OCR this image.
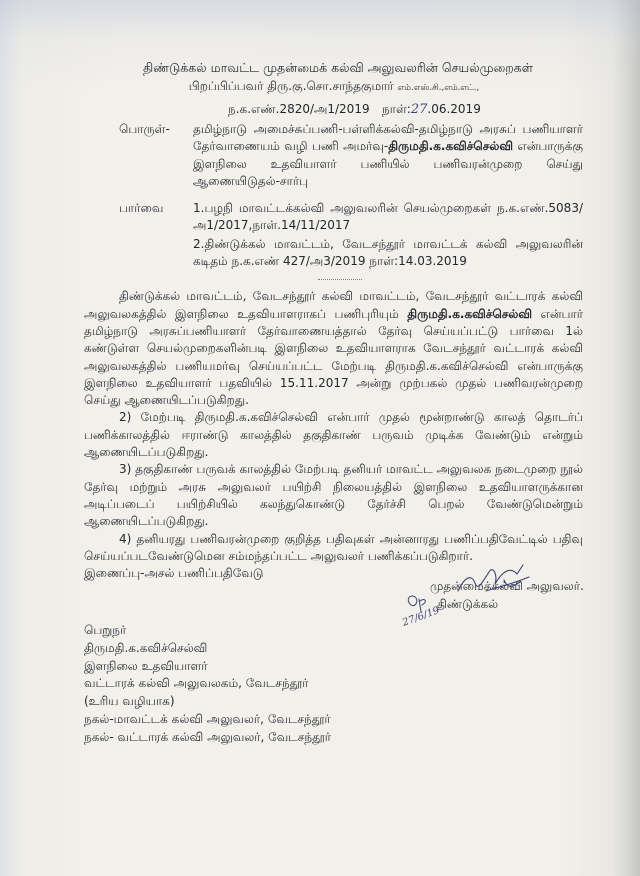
திண்டுக்கல் மாவட்ட முதன்மைக் கல்வி அலுவலரின் செயல்முறைகள்
பிறப்பிப்பவர் திரு.கு.சொ.சாந்தகுமார் எம்.எஸ்.சி.,எம்.எட்.,
ந.க.எண்.2820/அ1/2019 நாள்:27.06.2019
பொருள்-	தமிழ்நாடு அமைச்சுப்பணி-பள்ளிக்கல்வி-தமிழ்நாடு அரசுப் பணியாளர் தேர்வாணையம் வழி பணி அமர்வு-திருமதி.க.கவிச்செல்வி என்பாருக்கு இளநிலை உதவியாளர் பணியில் பணிவரன்முறை செய்து ஆணையிடுதல்-சார்பு
பார்வை	1.பழநி மாவட்டக்கல்வி அலுவலரின் செயல்முறைகள் ந.க.எண்.5083/அ1/2017,நாள்.14/11/2017
2.திண்டுக்கல் மாவட்டம், வேடசந்தூர் மாவட்டக் கல்வி அலுவலரின் கடிதம் ந.க.எண் 427/அ3/2019 நாள்:14.03.2019
திண்டுக்கல் மாவட்டம், வேடசந்தூர் கல்வி மாவட்டம், வேடசந்தூர் வட்டாரக் கல்வி அலுவலகத்தில் இளநிலை உதவியாளராகப் பணிபுரியும் திருமதி.க.கவிச்செல்வி என்பார் தமிழ்நாடு அரசுப்பணியாளர் தேர்வாணையத்தால் தேர்வு செய்யப்பட்டு பார்வை 1ல் கண்டுள்ள செயல்முறைகளின்படி இளநிலை உதவியாளராக வேடசந்தூர் வட்டாரக் கல்வி அலுவலகத்தில் பணியமர்வு செய்யப்பட்ட மேற்படி திருமதி.க.கவிச்செல்வி என்பாருக்கு இளநிலை உதவியாளர் பதவியில் 15.11.2017 அன்று முற்பகல் முதல் பணிவரன்முறை செய்து ஆணையிடப்படுகிறது.
2) மேற்படி திருமதி.க.கவிச்செல்வி என்பார் முதல் மூன்றாண்டு காலத் தொடர்ப் பணிக்காலத்தில் ஈராண்டு காலத்தில் தகுதிகாண் பருவம் முடிக்க வேண்டும் என்றும் ஆணையிடப்படுகிறது.
3) தகுதிகாண் பருவக் காலத்தில் மேற்படி தனியர் மாவட்ட அலுவலக நடைமுறை நூல் தேர்வு மற்றும் அரசு அலுவலர் பயிற்சி நிலையத்தில் இளநிலை உதவியாளருக்கான அடிப்படைப் பயிற்சியில் கலந்துகொண்டு தேர்ச்சி பெறல் வேண்டுமென்றும் ஆணையிடப்படுகிறது.
4) தனியரது பணிவரன்முறை குறித்த பதிவுகள் அன்னாரது பணிப்பதிவேட்டில் பதிவு செய்யப்படவேண்டுமென சம்மந்தப்பட்ட அலுவலர் பணிக்கப்படுகிறார்.
இணைப்பு-அசல் பணிப்பதிவேடு
முதன்மைக்கல்வி அலுவலர்.
திண்டுக்கல்
27/6/19
பெறுநர்
திருமதி.க.கவிச்செல்வி
இளநிலை உதவியாளர்
வட்டாரக் கல்வி அலுவலகம், வேடசந்தூர்
(உரிய வழியாக)
நகல்-மாவட்டக் கல்வி அலுவலர், வேடசந்தூர்
நகல்- வட்டாரக் கல்வி அலுவலர், வேடசந்தூர்
